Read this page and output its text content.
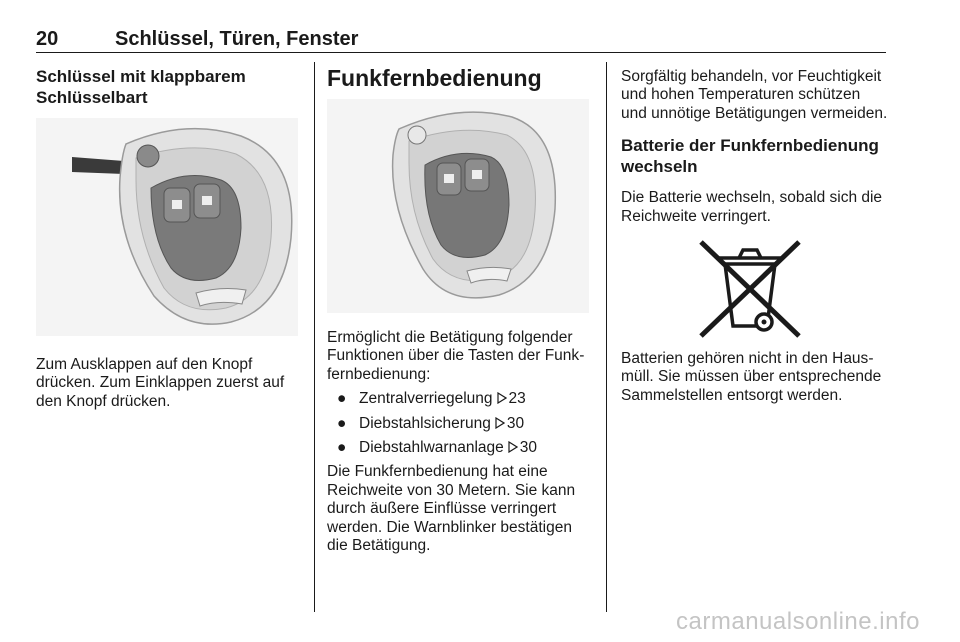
20	Schlüssel, Türen, Fenster
Schlüssel mit klappbarem Schlüsselbart

Zum Ausklappen auf den Knopf drücken. Zum Einklappen zuerst auf den Knopf drücken.

Funkfernbedienung

Ermöglicht die Betätigung folgender Funktionen über die Tasten der Funkfernbedienung:

● Zentralverriegelung 23
● Diebstahlsicherung 30
● Diebstahlwarnanlage 30

Die Funkfernbedienung hat eine Reichweite von 30 Metern. Sie kann durch äußere Einflüsse verringert werden. Die Warnblinker bestätigen die Betätigung.

Sorgfältig behandeln, vor Feuchtigkeit und hohen Temperaturen schützen und unnötige Betätigungen vermeiden.

Batterie der Funkfernbedienung wechseln

Die Batterie wechseln, sobald sich die Reichweite verringert.

Batterien gehören nicht in den Hausmüll. Sie müssen über entsprechende Sammelstellen entsorgt werden.

carmanualsonline.info
